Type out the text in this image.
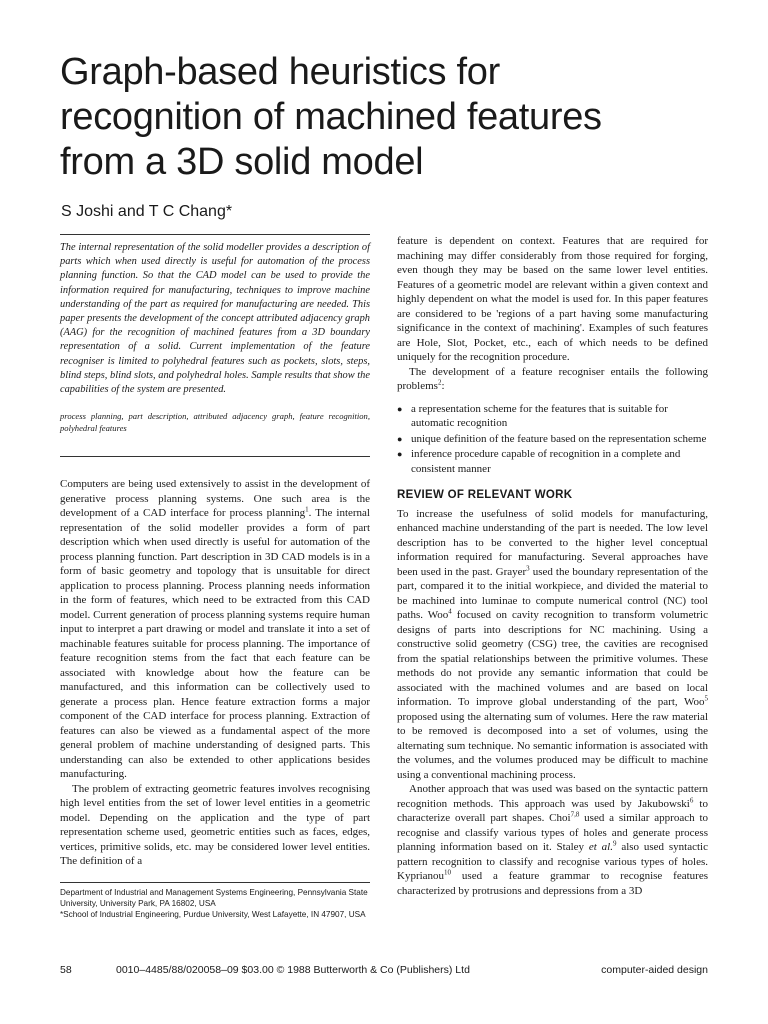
Graph-based heuristics for
recognition of machined features
from a 3D solid model
S Joshi and T C Chang*

The internal representation of the solid modeller provides a description of parts which when used directly is useful for automation of the process planning function. So that the CAD model can be used to provide the information required for manufacturing, techniques to improve machine understanding of the part as required for manufacturing are needed. This paper presents the development of the concept attributed adjacency graph (AAG) for the recognition of machined features from a 3D boundary representation of a solid. Current implementation of the feature recogniser is limited to polyhedral features such as pockets, slots, steps, blind steps, blind slots, and polyhedral holes. Sample results that show the capabilities of the system are presented.

process planning, part description, attributed adjacency graph, feature recognition, polyhedral features

Computers are being used extensively to assist in the development of generative process planning systems. One such area is the development of a CAD interface for process planning$^1$. The internal representation of the solid modeller provides a form of part description which when used directly is useful for automation of the process planning function. Part description in 3D CAD models is in a form of basic geometry and topology that is unsuitable for direct application to process planning. Process planning needs information in the form of features, which need to be extracted from this CAD model. Current generation of process planning systems require human input to interpret a part drawing or model and translate it into a set of machinable features suitable for process planning. The importance of feature recognition stems from the fact that each feature can be associated with knowledge about how the feature can be manufactured, and this information can be collectively used to generate a process plan. Hence feature extraction forms a major component of the CAD interface for process planning. Extraction of features can also be viewed as a fundamental aspect of the more general problem of machine understanding of designed parts. This understanding can also be extended to other applications besides manufacturing.

The problem of extracting geometric features involves recognising high level entities from the set of lower level entities in a geometric model. Depending on the application and the type of part representation scheme used, geometric entities such as faces, edges, vertices, primitive solids, etc. may be considered lower level entities. The definition of a

Department of Industrial and Management Systems Engineering, Pennsylvania State University, University Park, PA 16802, USA

*School of Industrial Engineering, Purdue University, West Lafayette, IN 47907, USA

feature is dependent on context. Features that are required for machining may differ considerably from those required for forging, even though they may be based on the same lower level entities. Features of a geometric model are relevant within a given context and highly dependent on what the model is used for. In this paper features are considered to be 'regions of a part having some manufacturing significance in the context of machining'. Examples of such features are Hole, Slot, Pocket, etc., each of which needs to be defined uniquely for the recognition procedure.

The development of a feature recogniser entails the following problems$^2$:

● a representation scheme for the features that is suitable for automatic recognition
● unique definition of the feature based on the representation scheme
● inference procedure capable of recognition in a complete and consistent manner
REVIEW OF RELEVANT WORK

To increase the usefulness of solid models for manufacturing, enhanced machine understanding of the part is needed. The low level description has to be converted to the higher level conceptual information required for manufacturing. Several approaches have been used in the past. Grayer$^3$ used the boundary representation of the part, compared it to the initial workpiece, and divided the material to be machined into luminae to compute numerical control (NC) tool paths. Woo$^4$ focused on cavity recognition to transform volumetric designs of parts into descriptions for NC machining. Using a constructive solid geometry (CSG) tree, the cavities are recognised from the spatial relationships between the primitive volumes. These methods do not provide any semantic information that could be associated with the machined volumes and are based on local information. To improve global understanding of the part, Woo$^5$ proposed using the alternating sum of volumes. Here the raw material to be removed is decomposed into a set of volumes, using the alternating sum technique. No semantic information is associated with the volumes, and the volumes produced may be difficult to machine using a conventional machining process.

Another approach that was used was based on the syntactic pattern recognition methods. This approach was used by Jakubowski$^6$ to characterize overall part shapes. Choi$^{7,8}$ used a similar approach to recognise and classify various types of holes and generate process planning information based on it. Staley et al.$^9$ also used syntactic pattern recognition to classify and recognise various types of holes. Kyprianou$^{10}$ used a feature grammar to recognise features characterized by protrusions and depressions from a 3D

58	0010–4485/88/020058–09 $03.00 © 1988 Butterworth & Co (Publishers) Ltd	computer-aided design
